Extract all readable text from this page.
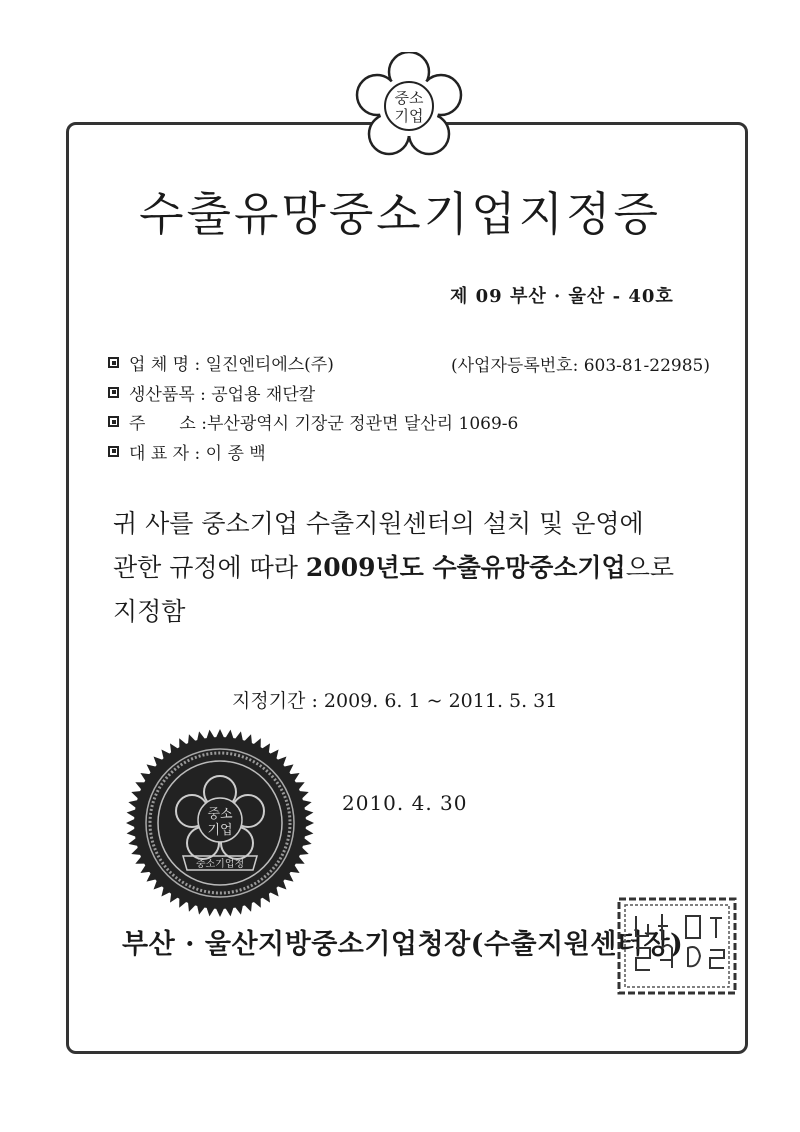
중소
기업
수출유망중소기업지정증
제 09 부산 · 울산 - 40호
업 체 명 :
일진엔티에스(주)
생산품목 :
공업용 재단칼
주　　소 : 부산광역시 기장군 정관면 달산리 1069-6
대 표 자 :
이 종 백
(사업자등록번호: 603-81-22985)
귀 사를 중소기업 수출지원센터의 설치 및 운영에
관한 규정에 따라 2009년도 수출유망중소기업으로
지정함
지정기간 : 2009. 6. 1 ~ 2011. 5. 31
중소
기업
중소기업청
2010. 4. 30
부산 · 울산지방중소기업청장(수출지원센터장)
